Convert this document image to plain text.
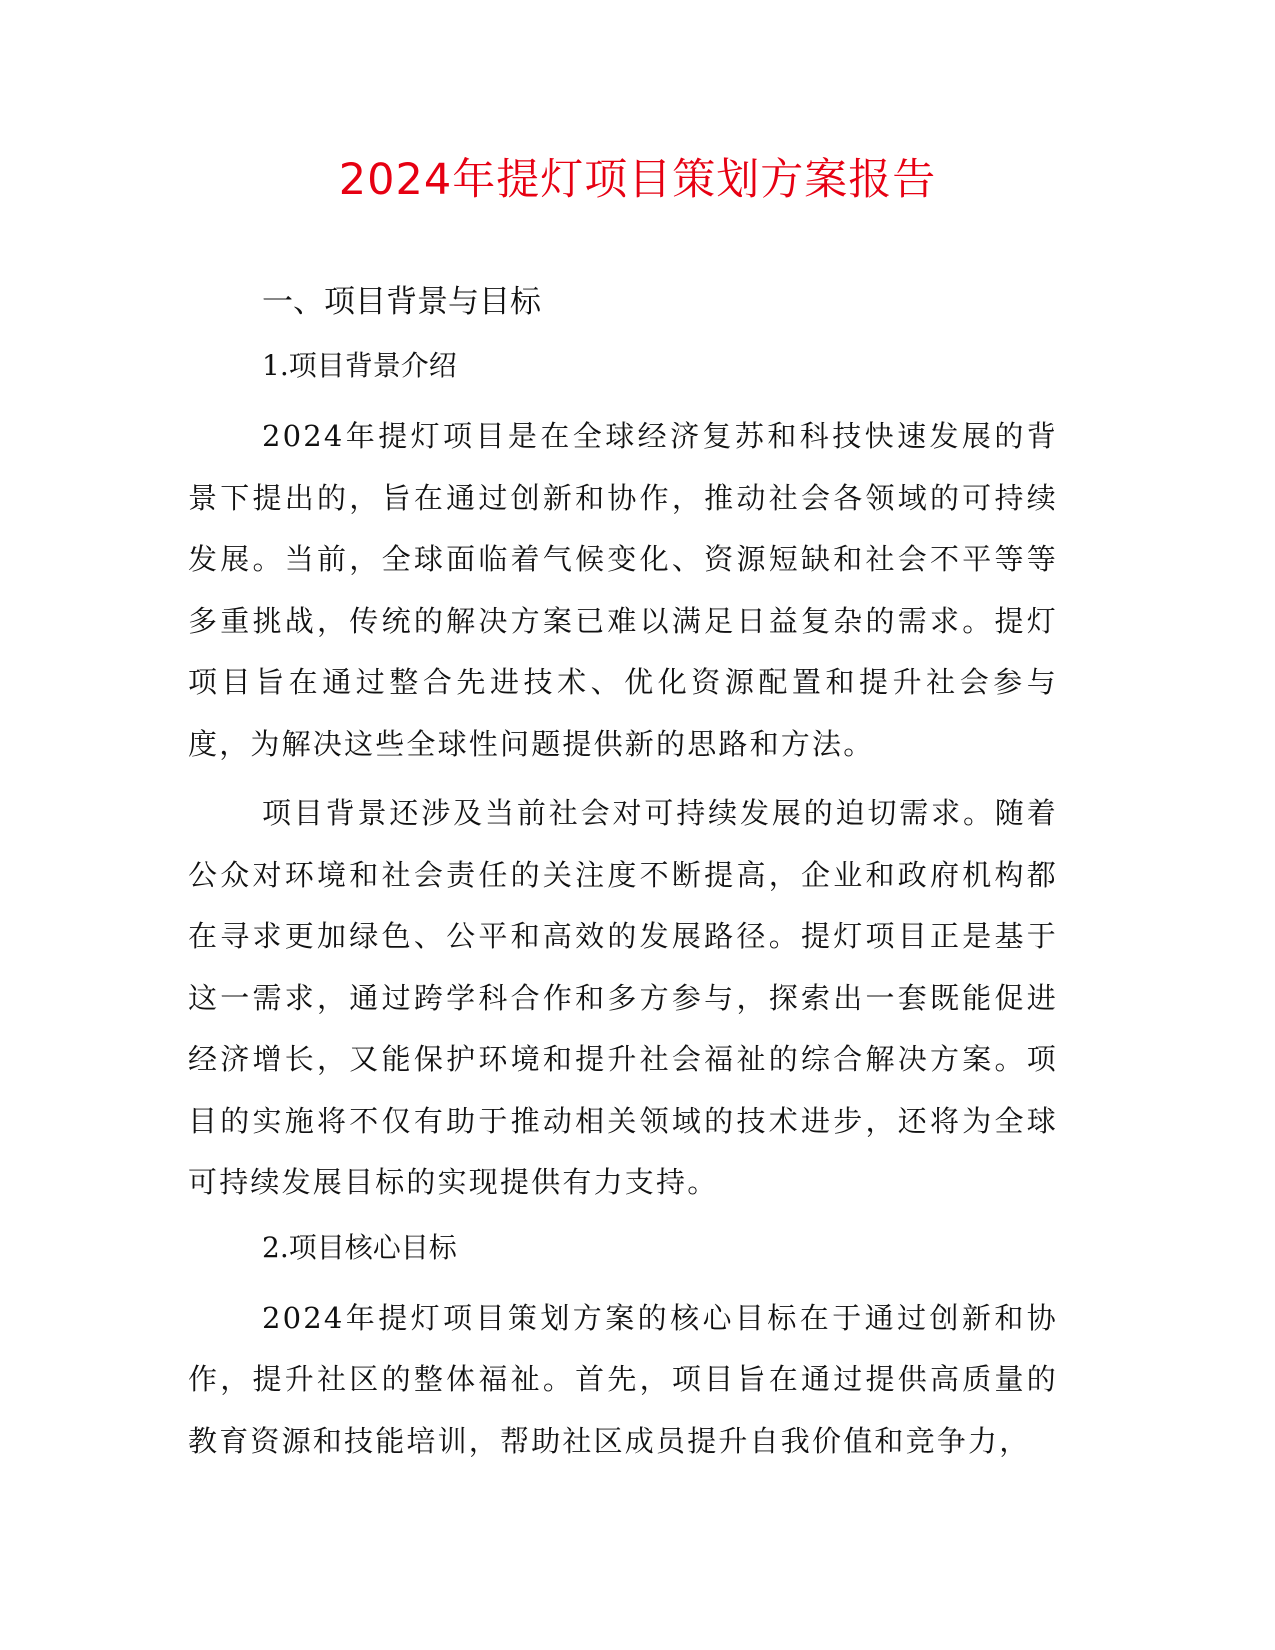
2024年提灯项目策划方案报告
一、项目背景与目标
1.项目背景介绍

2024年提灯项目是在全球经济复苏和科技快速发展的背景下提出的，旨在通过创新和协作，推动社会各领域的可持续发展。当前，全球面临着气候变化、资源短缺和社会不平等等多重挑战，传统的解决方案已难以满足日益复杂的需求。提灯项目旨在通过整合先进技术、优化资源配置和提升社会参与度，为解决这些全球性问题提供新的思路和方法。

项目背景还涉及当前社会对可持续发展的迫切需求。随着公众对环境和社会责任的关注度不断提高，企业和政府机构都在寻求更加绿色、公平和高效的发展路径。提灯项目正是基于这一需求，通过跨学科合作和多方参与，探索出一套既能促进经济增长，又能保护环境和提升社会福祉的综合解决方案。项目的实施将不仅有助于推动相关领域的技术进步，还将为全球可持续发展目标的实现提供有力支持。

2.项目核心目标

2024年提灯项目策划方案的核心目标在于通过创新和协作，提升社区的整体福祉。首先，项目旨在通过提供高质量的教育资源和技能培训，帮助社区成员提升自我价值和竞争力，
